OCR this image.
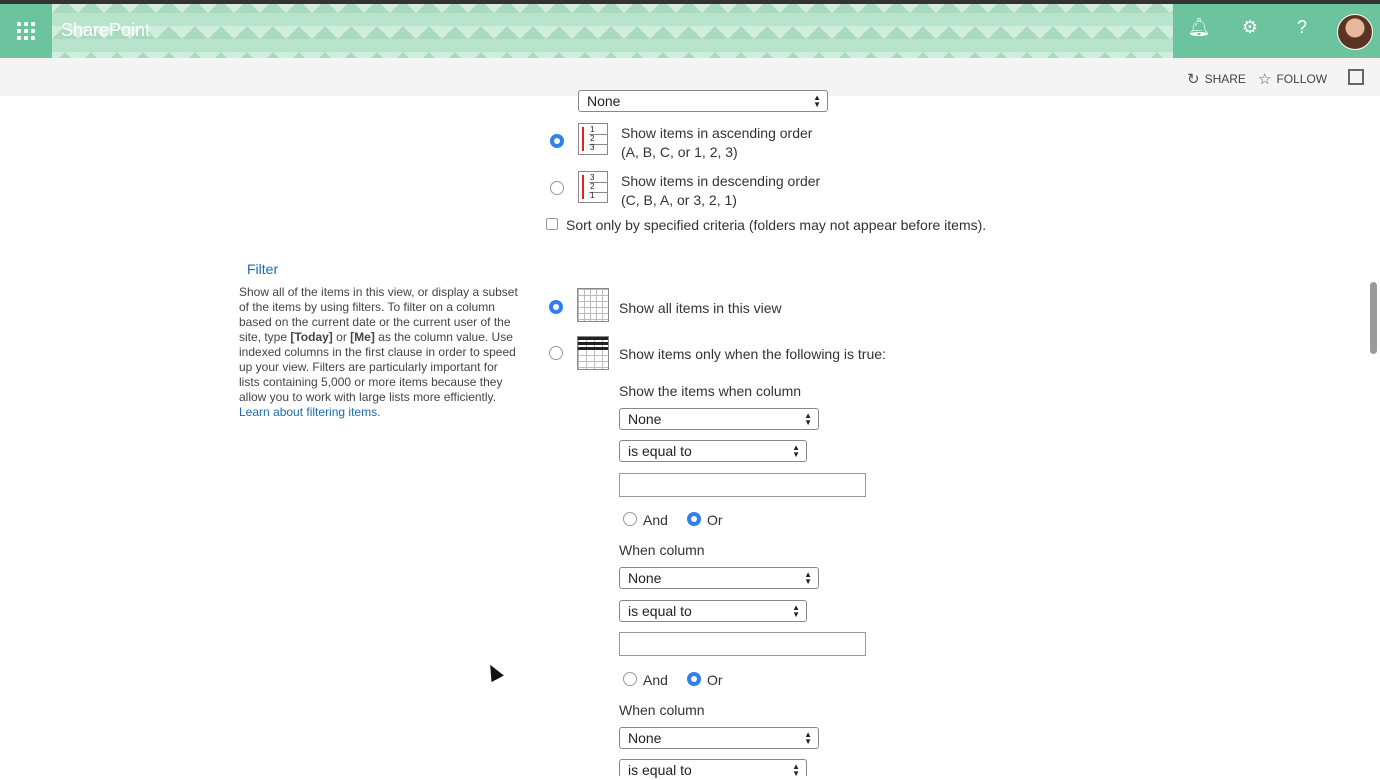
SharePoint	🔔︎ ⚙	?
↻ SHARE ☆ FOLLOW
None	▲
▼
1
2
3
Show items in ascending order
(A, B, C, or 1, 2, 3)
3
2
1
Show items in descending order
(C, B, A, or 3, 2, 1)
Sort only by specified criteria (folders may not appear before items).
Filter
Show all of the items in this view, or display a subset of the items by using filters. To filter on a column based on the current date or the current user of the site, type [Today] or [Me] as the column value. Use indexed columns in the first clause in order to speed up your view. Filters are particularly important for lists containing 5,000 or more items because they allow you to work with large lists more efficiently. Learn about filtering items.
Show all items in this view
Show items only when the following is true:
Show the items when column
None	▲
▼
is equal to	▲
▼
And	Or
When column
None	▲
▼
is equal to	▲
▼
And	Or
When column
None	▲
▼
is equal to	▲
▼
